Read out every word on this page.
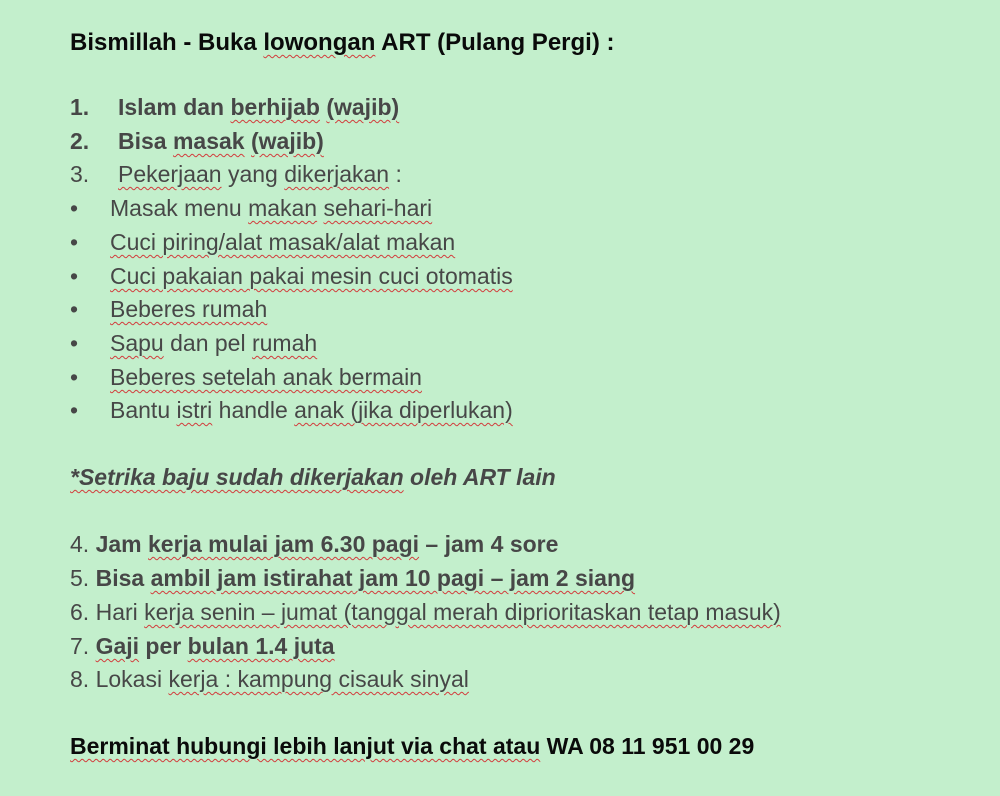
Bismillah - Buka lowongan ART (Pulang Pergi) :
1. Islam dan berhijab (wajib)
2. Bisa masak (wajib)
3. Pekerjaan yang dikerjakan :
• Masak menu makan sehari-hari
• Cuci piring/alat masak/alat makan
• Cuci pakaian pakai mesin cuci otomatis
• Beberes rumah
• Sapu dan pel rumah
• Beberes setelah anak bermain
• Bantu istri handle anak (jika diperlukan)
*Setrika baju sudah dikerjakan oleh ART lain
4. Jam kerja mulai jam 6.30 pagi – jam 4 sore
5. Bisa ambil jam istirahat jam 10 pagi – jam 2 siang
6. Hari kerja senin – jumat (tanggal merah diprioritaskan tetap masuk)
7. Gaji per bulan 1.4 juta
8. Lokasi kerja : kampung cisauk sinyal
Berminat hubungi lebih lanjut via chat atau WA 08 11 951 00 29
